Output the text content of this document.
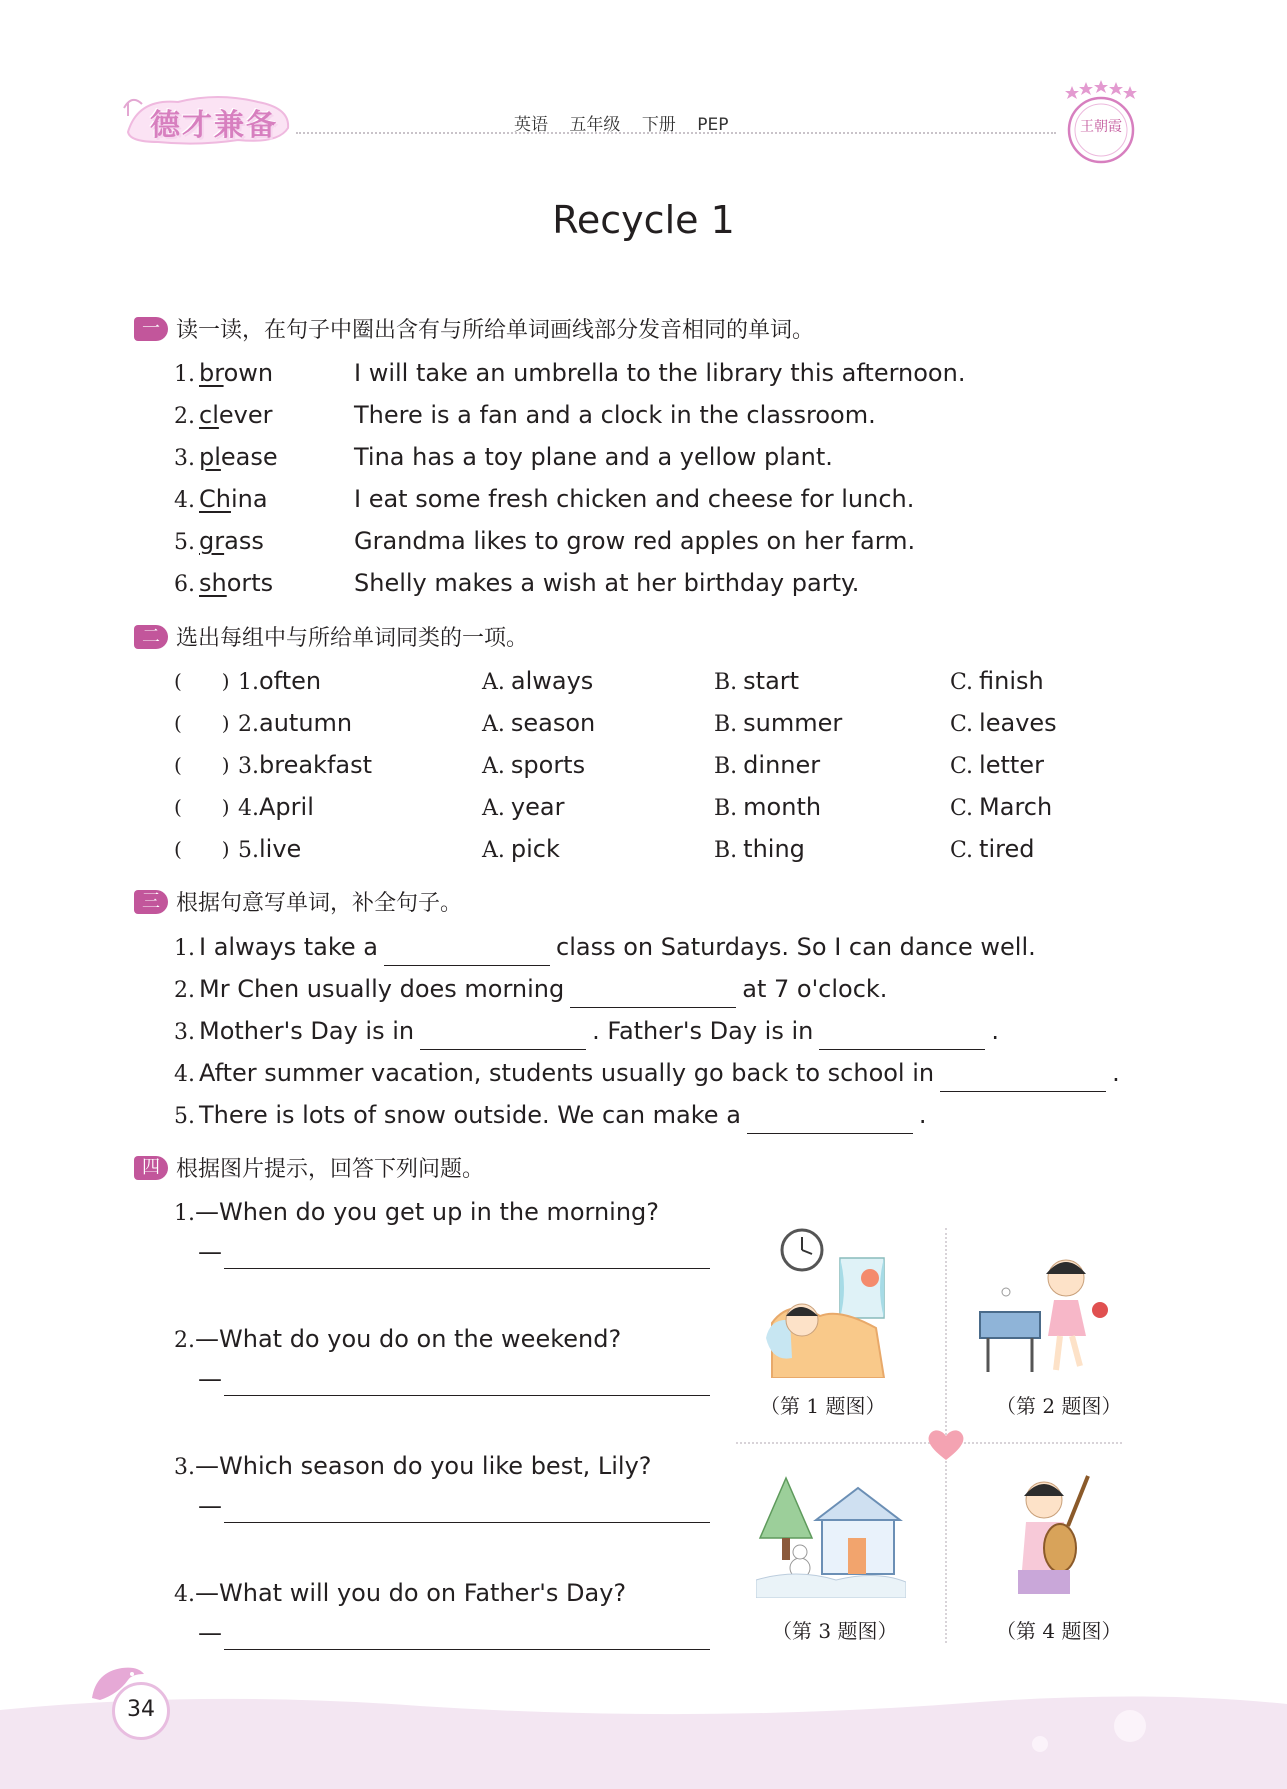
德才兼备	英语 五年级 下册 PEP	王朝霞
Recycle 1
一 读一读，在句子中圈出含有与所给单词画线部分发音相同的单词。
1. brown	I will take an umbrella to the library this afternoon.
2. clever	There is a fan and a clock in the classroom.
3. please	Tina has a toy plane and a yellow plant.
4. China	I eat some fresh chicken and cheese for lunch.
5. grass	Grandma likes to grow red apples on her farm.
6. shorts	Shelly makes a wish at her birthday party.
二 选出每组中与所给单词同类的一项。
(　　) 1.often	A. always	B. start	C. finish
(　　) 2.autumn	A. season	B. summer	C. leaves
(　　) 3.breakfast	A. sports	B. dinner	C. letter
(　　) 4.April	A. year	B. month	C. March
(　　) 5.live	A. pick	B. thing	C. tired
三 根据句意写单词，补全句子。
1. I always take a	class on Saturdays. So I can dance well.
2. Mr Chen usually does morning	at 7 o'clock.
3. Mother's Day is in	. Father's Day is in	.
4. After summer vacation, students usually go back to school in	.
5. There is lots of snow outside. We can make a	.
四 根据图片提示，回答下列问题。
1.—When do you get up in the morning?
—
2.—What do you do on the weekend?
—
3.—Which season do you like best, Lily?
—
4.—What will you do on Father's Day?
—
（第 1 题图）	（第 2 题图）
（第 3 题图）	（第 4 题图）
34
